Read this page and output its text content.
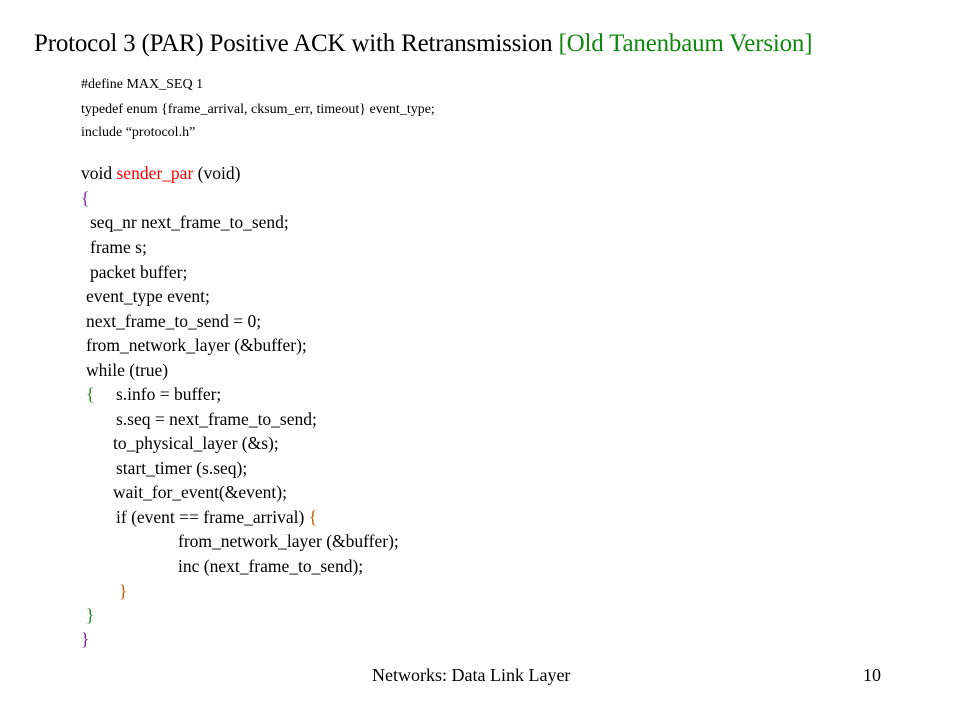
Protocol 3 (PAR) Positive ACK with Retransmission [Old Tanenbaum Version]
#define MAX_SEQ 1
typedef enum {frame_arrival, cksum_err, timeout} event_type;
include “protocol.h”
void sender_par (void)
{
seq_nr next_frame_to_send;
frame s;
packet buffer;
event_type event;
next_frame_to_send = 0;
from_network_layer (&buffer);
while (true)
{ s.info = buffer;
s.seq = next_frame_to_send;
to_physical_layer (&s);
start_timer (s.seq);
wait_for_event(&event);
if (event == frame_arrival) {
from_network_layer (&buffer);
inc (next_frame_to_send);
}
}
}
Networks: Data Link Layer	10
